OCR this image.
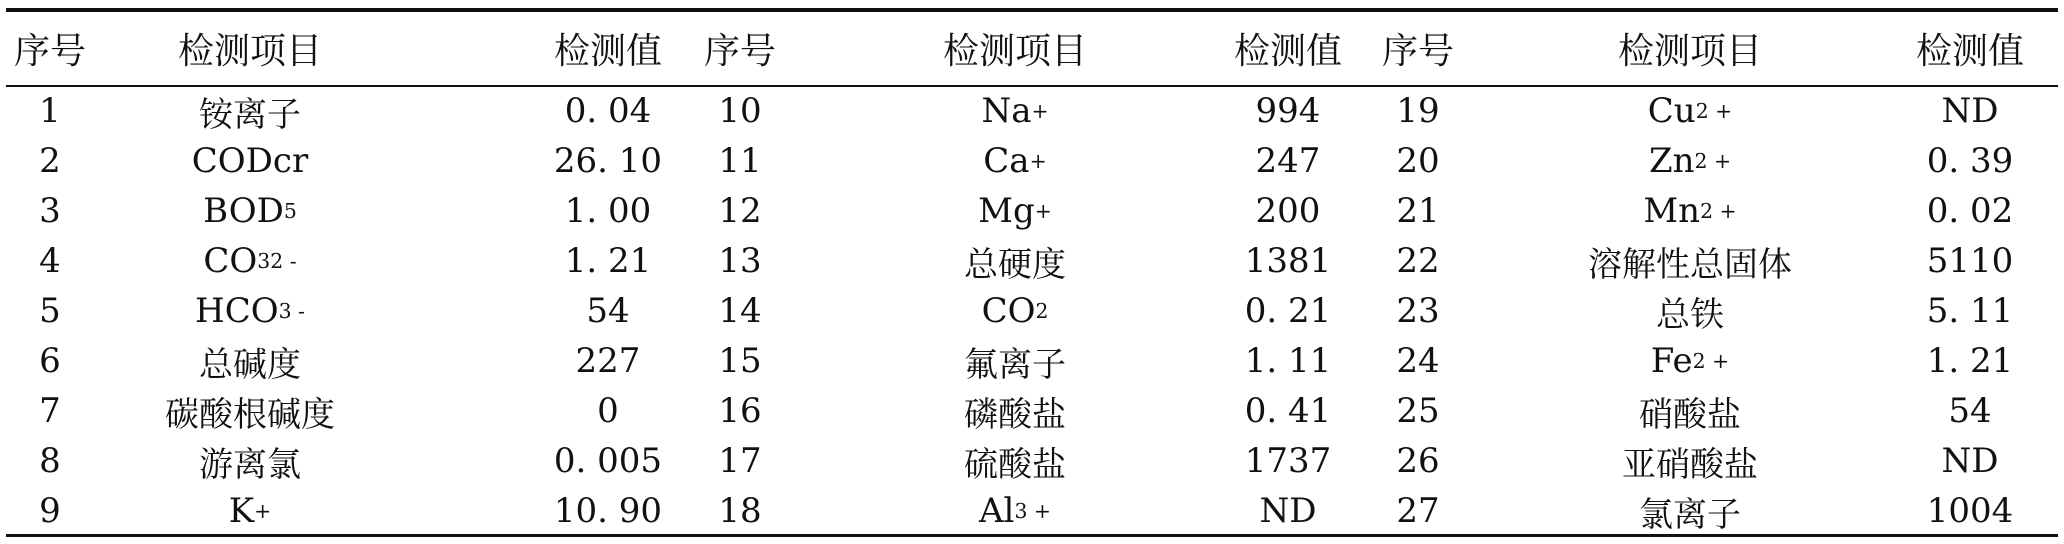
序号	检测项目	检测值 序号	检测项目	检测值 序号	检测项目	检测值
1	铵离子	0. 04	10	Na +	994	19	Cu 2 +	ND
2	CODcr	26. 10	11	Ca +	247	20	Zn 2 +	0. 39
3	BOD 5	1. 00	12	Mg +	200	21	Mn 2 +	0. 02
4	CO 3 2 -	1. 21	13	总硬度	1381	22	溶解性总固体	5110
5	HCO 3 -	54	14	CO 2	0. 21	23	总铁	5. 11
6	总碱度	227	15	氟离子	1. 11	24	Fe 2 +	1. 21
7	碳酸根碱度	0	16	磷酸盐	0. 41	25	硝酸盐	54
8	游离氯	0. 005	17	硫酸盐	1737	26	亚硝酸盐	ND
9	K +	10. 90	18	Al 3 +	ND	27	氯离子	1004
